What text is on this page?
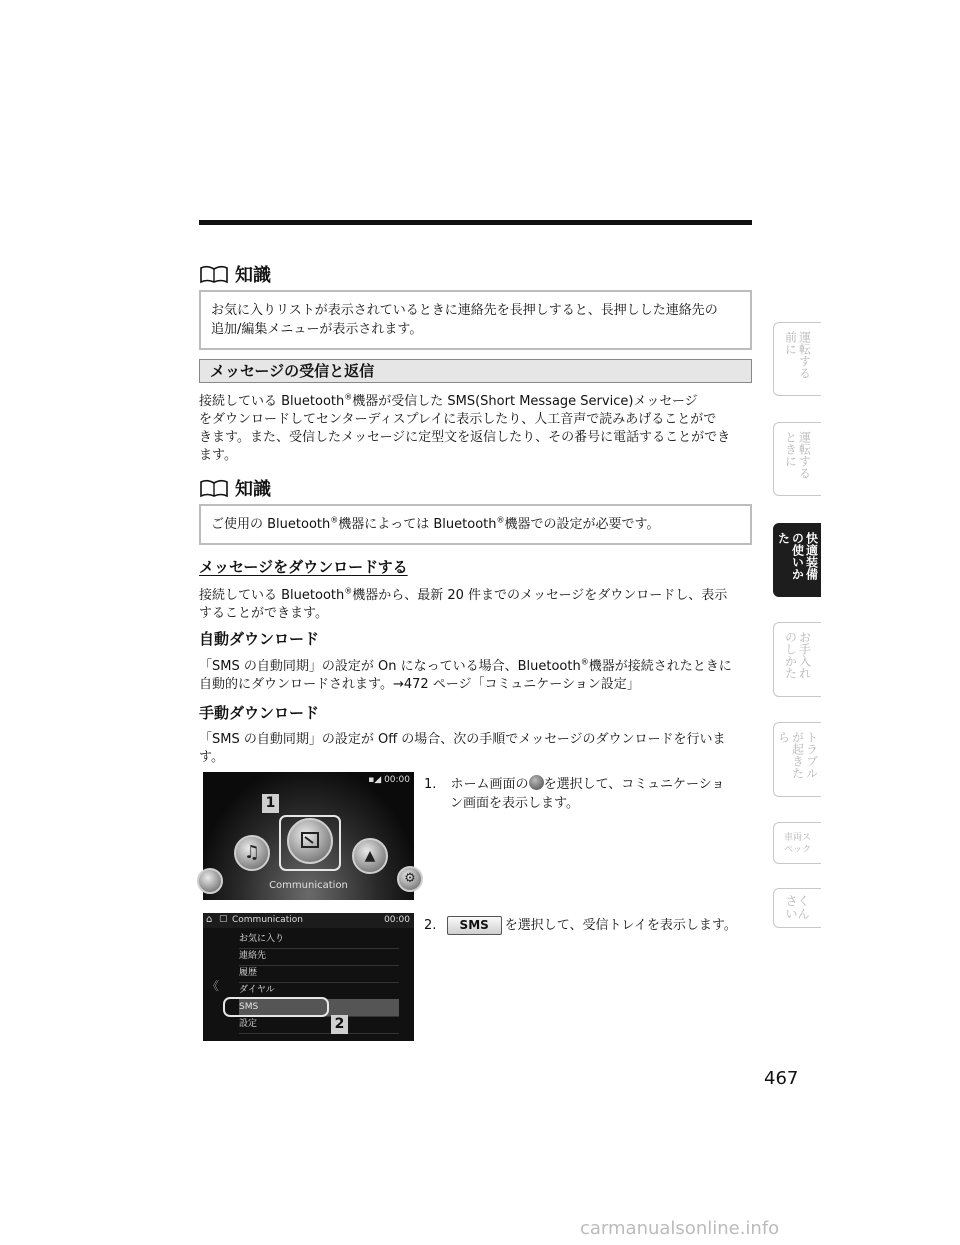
知識
お気に入りリストが表示されているときに連絡先を長押しすると、長押しした連絡先の
追加/編集メニューが表示されます。
メッセージの受信と返信
接続している Bluetooth®機器が受信した SMS(Short Message Service)メッセージ
をダウンロードしてセンターディスプレイに表示したり、人工音声で読みあげることがで
きます。また、受信したメッセージに定型文を返信したり、その番号に電話することができ
ます。
知識
ご使用の Bluetooth®機器によっては Bluetooth®機器での設定が必要です。
メッセージをダウンロードする
接続している Bluetooth®機器から、最新 20 件までのメッセージをダウンロードし、表示
することができます。
自動ダウンロード
「SMS の自動同期」の設定が On になっている場合、Bluetooth®機器が接続されたときに
自動的にダウンロードされます。→472 ページ「コミュニケーション設定」
手動ダウンロード
「SMS の自動同期」の設定が Off の場合、次の手順でメッセージのダウンロードを行いま
す。
▪︎◢ 00:00
♫	▲
⚙
1
Communication
⌂ ▢ Communication	00:00
《
お気に入り
連絡先
履歴
ダイヤル
SMS
設定	2
1. ホーム画面の を選択して、コミュニケーショ
ン画面を表示します。
2. SMS を選択して、受信トレイを表示します。
運転する前に
運転するときに
快適装備の使いかた
お手入れのしかた
トラブルが起きたら
車両スペック
さくいん
467
carmanualsonline.info
